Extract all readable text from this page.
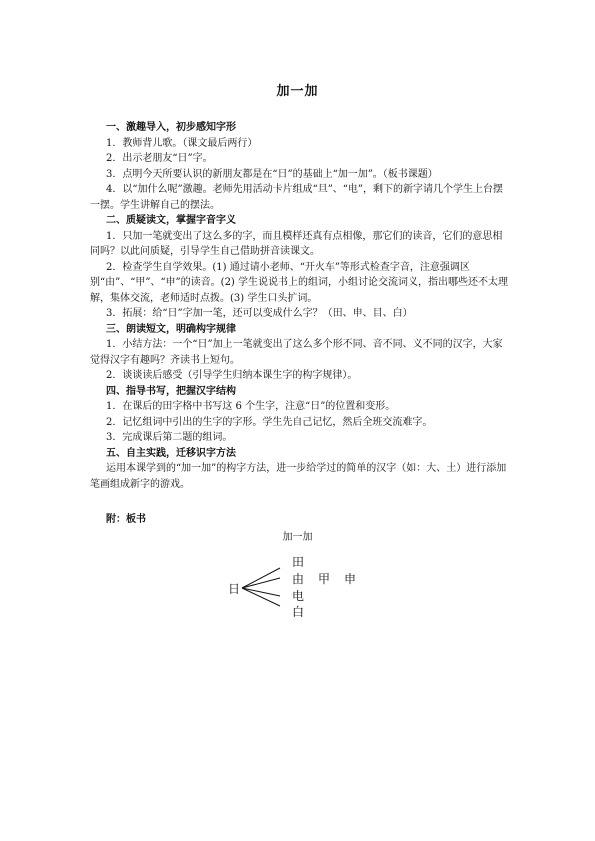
加一加

一、激趣导入，初步感知字形

1．教师背儿歌。（课文最后两行）

2．出示老朋友“日”字。

3．点明今天所要认识的新朋友都是在“日”的基础上“加一加”。（板书课题）

4．以“加什么呢”激趣。老师先用活动卡片组成“旦”、“电”，剩下的新字请几个学生上台摆一摆。学生讲解自己的摆法。

二、质疑读文，掌握字音字义

1．只加一笔就变出了这么多的字，而且模样还真有点相像，那它们的读音，它们的意思相同吗？以此问质疑，引导学生自己借助拼音读课文。

2．检查学生自学效果。(1) 通过请小老师、“开火车”等形式检查字音，注意强调区别“由”、“甲”、“申”的读音。(2) 学生说说书上的组词，小组讨论交流词义，指出哪些还不太理解，集体交流，老师适时点拨。(3) 学生口头扩词。

3．拓展：给“日”字加一笔，还可以变成什么字？（田、申、目、白）

三、朗读短文，明确构字规律

1．小结方法：一个“日”加上一笔就变出了这么多个形不同、音不同、义不同的汉字，大家觉得汉字有趣吗？齐读书上短句。

2．谈谈读后感受（引导学生归纳本课生字的构字规律）。

四、指导书写，把握汉字结构

1．在课后的田字格中书写这 6 个生字，注意“日”的位置和变形。

2．记忆组词中引出的生字的字形。学生先自己记忆，然后全班交流难字。

3．完成课后第二题的组词。

五、自主实践，迁移识字方法

运用本课学到的“加一加”的构字方法，进一步给学过的简单的汉字（如：大、土）进行添加笔画组成新字的游戏。

附：板书
加一加
日
田
由 甲 申
电
白
